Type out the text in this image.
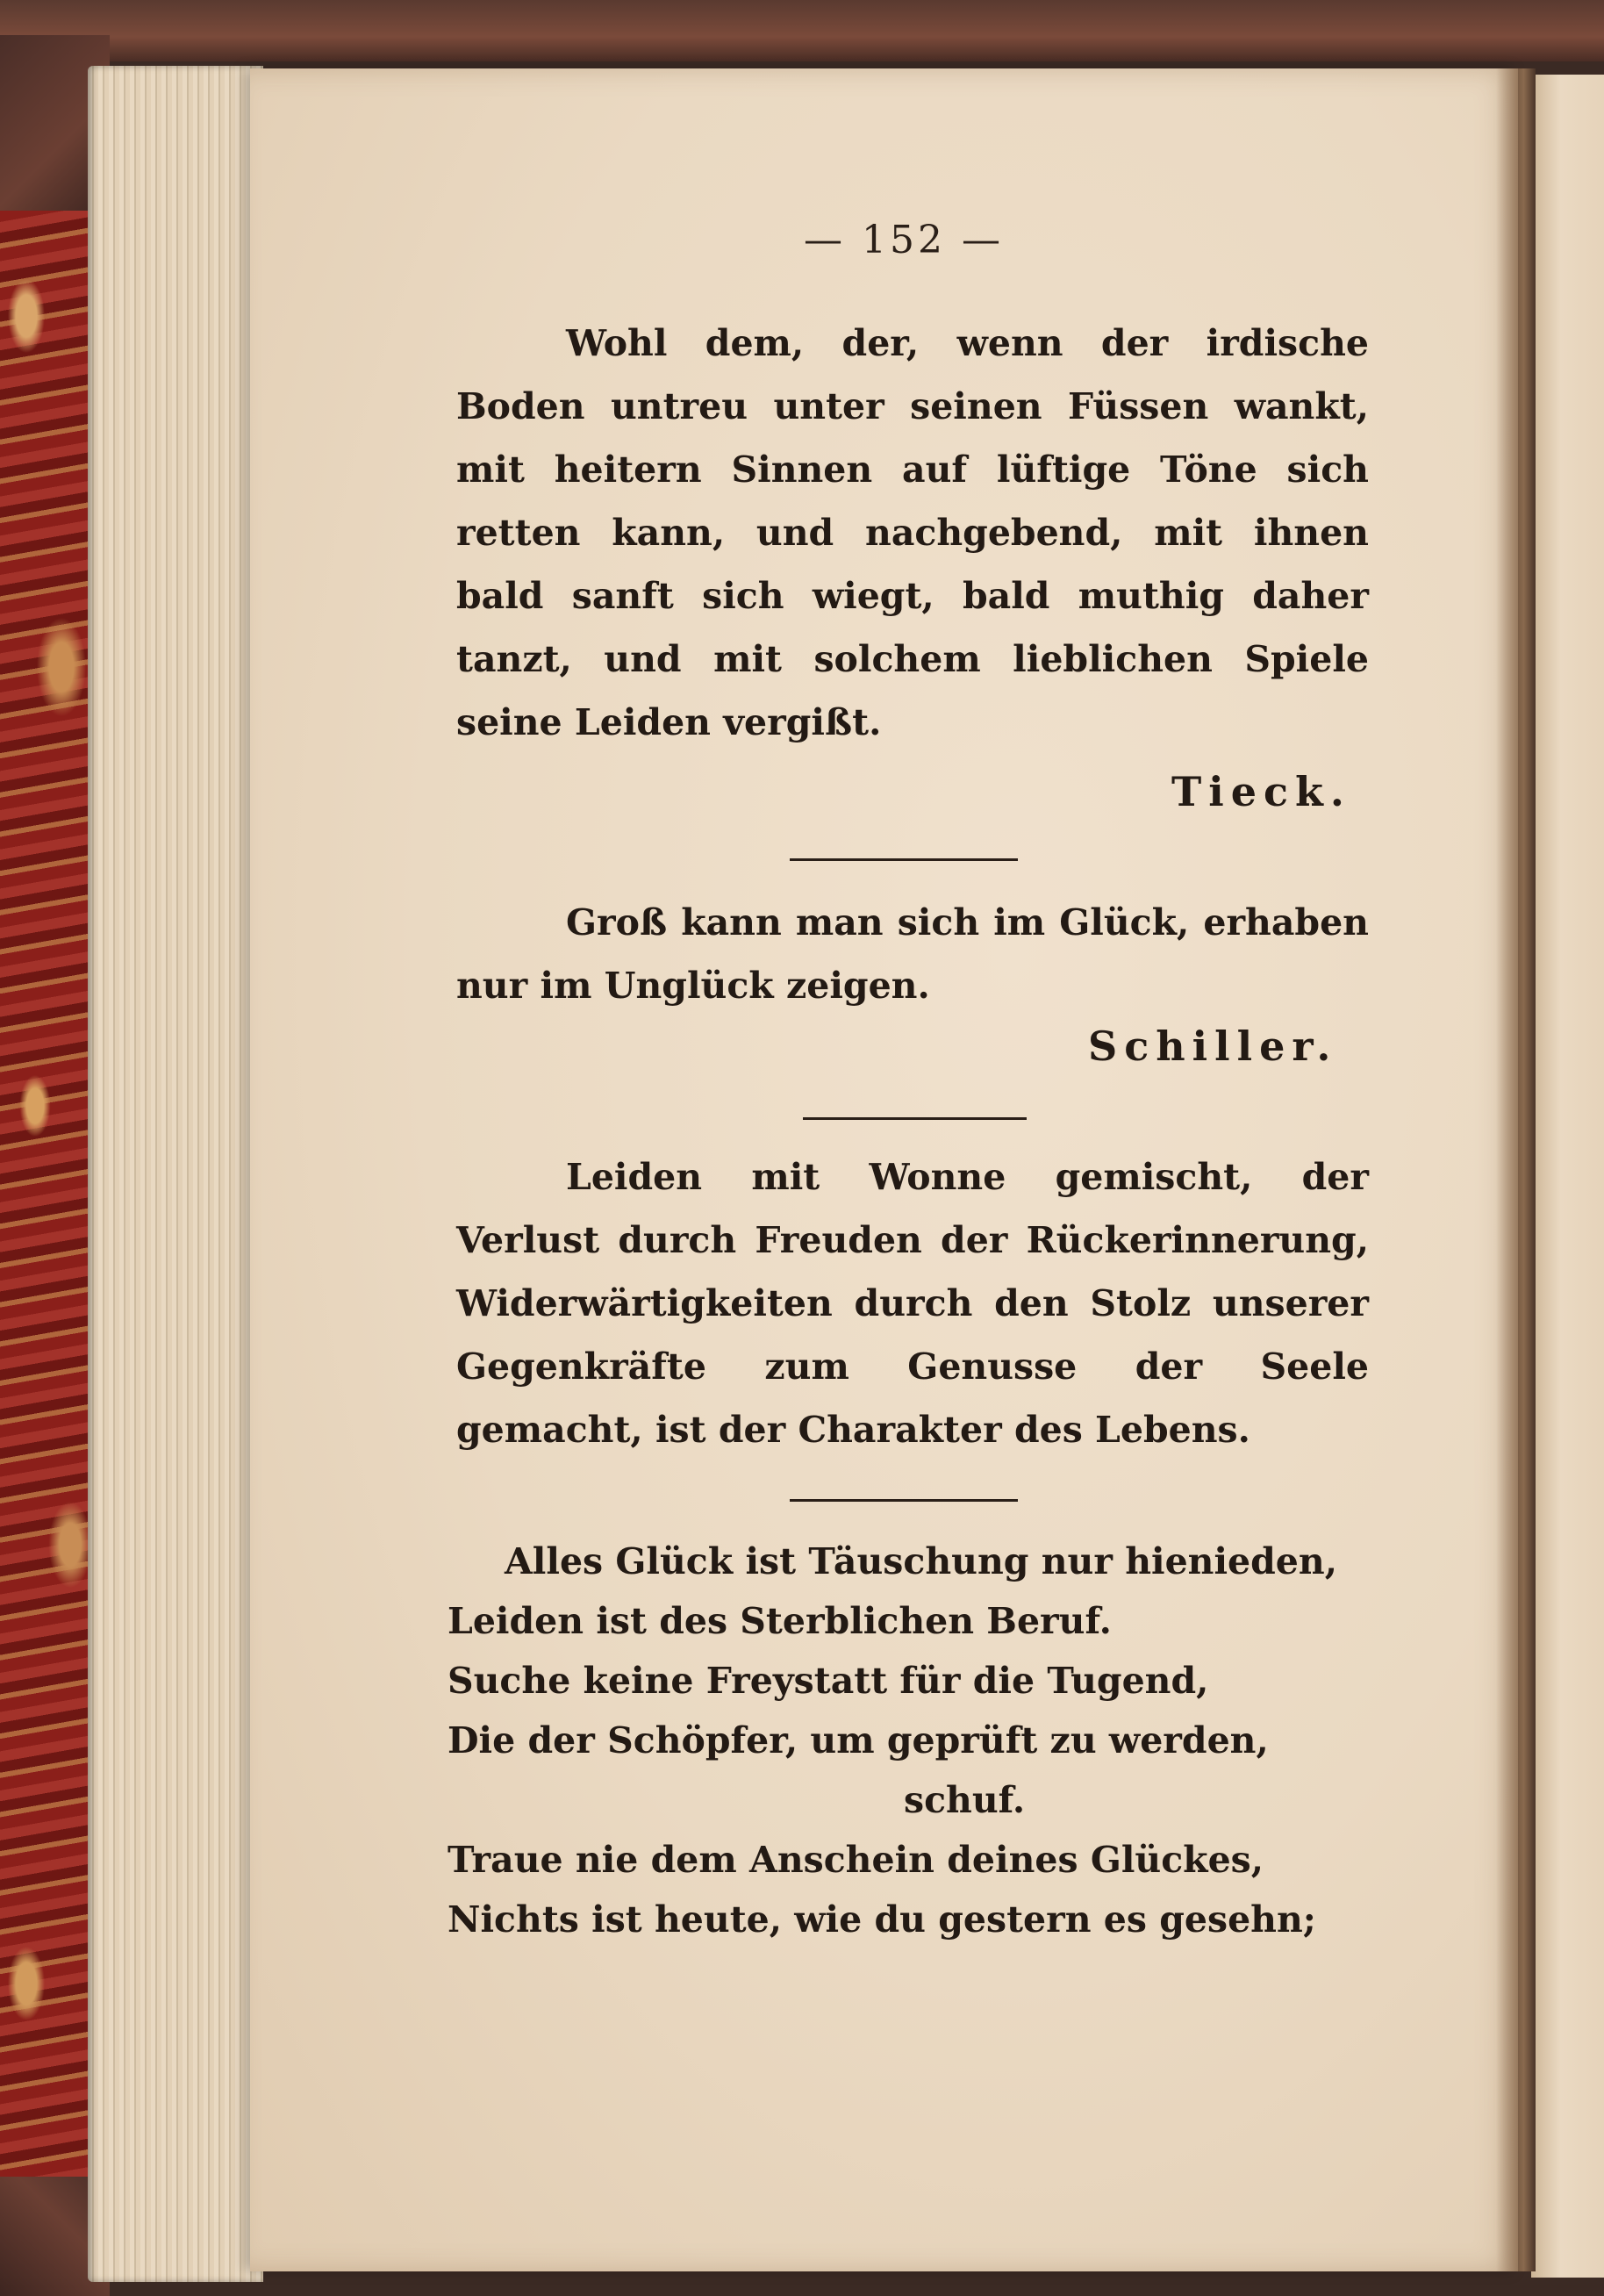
— 152 —
Wohl dem, der, wenn der irdische Boden untreu unter seinen Füssen wankt, mit heitern Sinnen auf lüftige Töne sich retten kann, und nachgebend, mit ihnen bald sanft sich wiegt, bald muthig daher tanzt, und mit solchem lieblichen Spiele seine Leiden vergißt.
Tieck.
Groß kann man sich im Glück, erhaben nur im Unglück zeigen.
Schiller.
Leiden mit Wonne gemischt, der Verlust durch Freuden der Rückerinnerung, Widerwärtigkeiten durch den Stolz unserer Gegenkräfte zum Genusse der Seele gemacht, ist der Charakter des Lebens.
Alles Glück ist Täuschung nur hienieden,
Leiden ist des Sterblichen Beruf.
Suche keine Freystatt für die Tugend,
Die der Schöpfer, um geprüft zu werden,
schuf.
Traue nie dem Anschein deines Glückes,
Nichts ist heute, wie du gestern es gesehn;
